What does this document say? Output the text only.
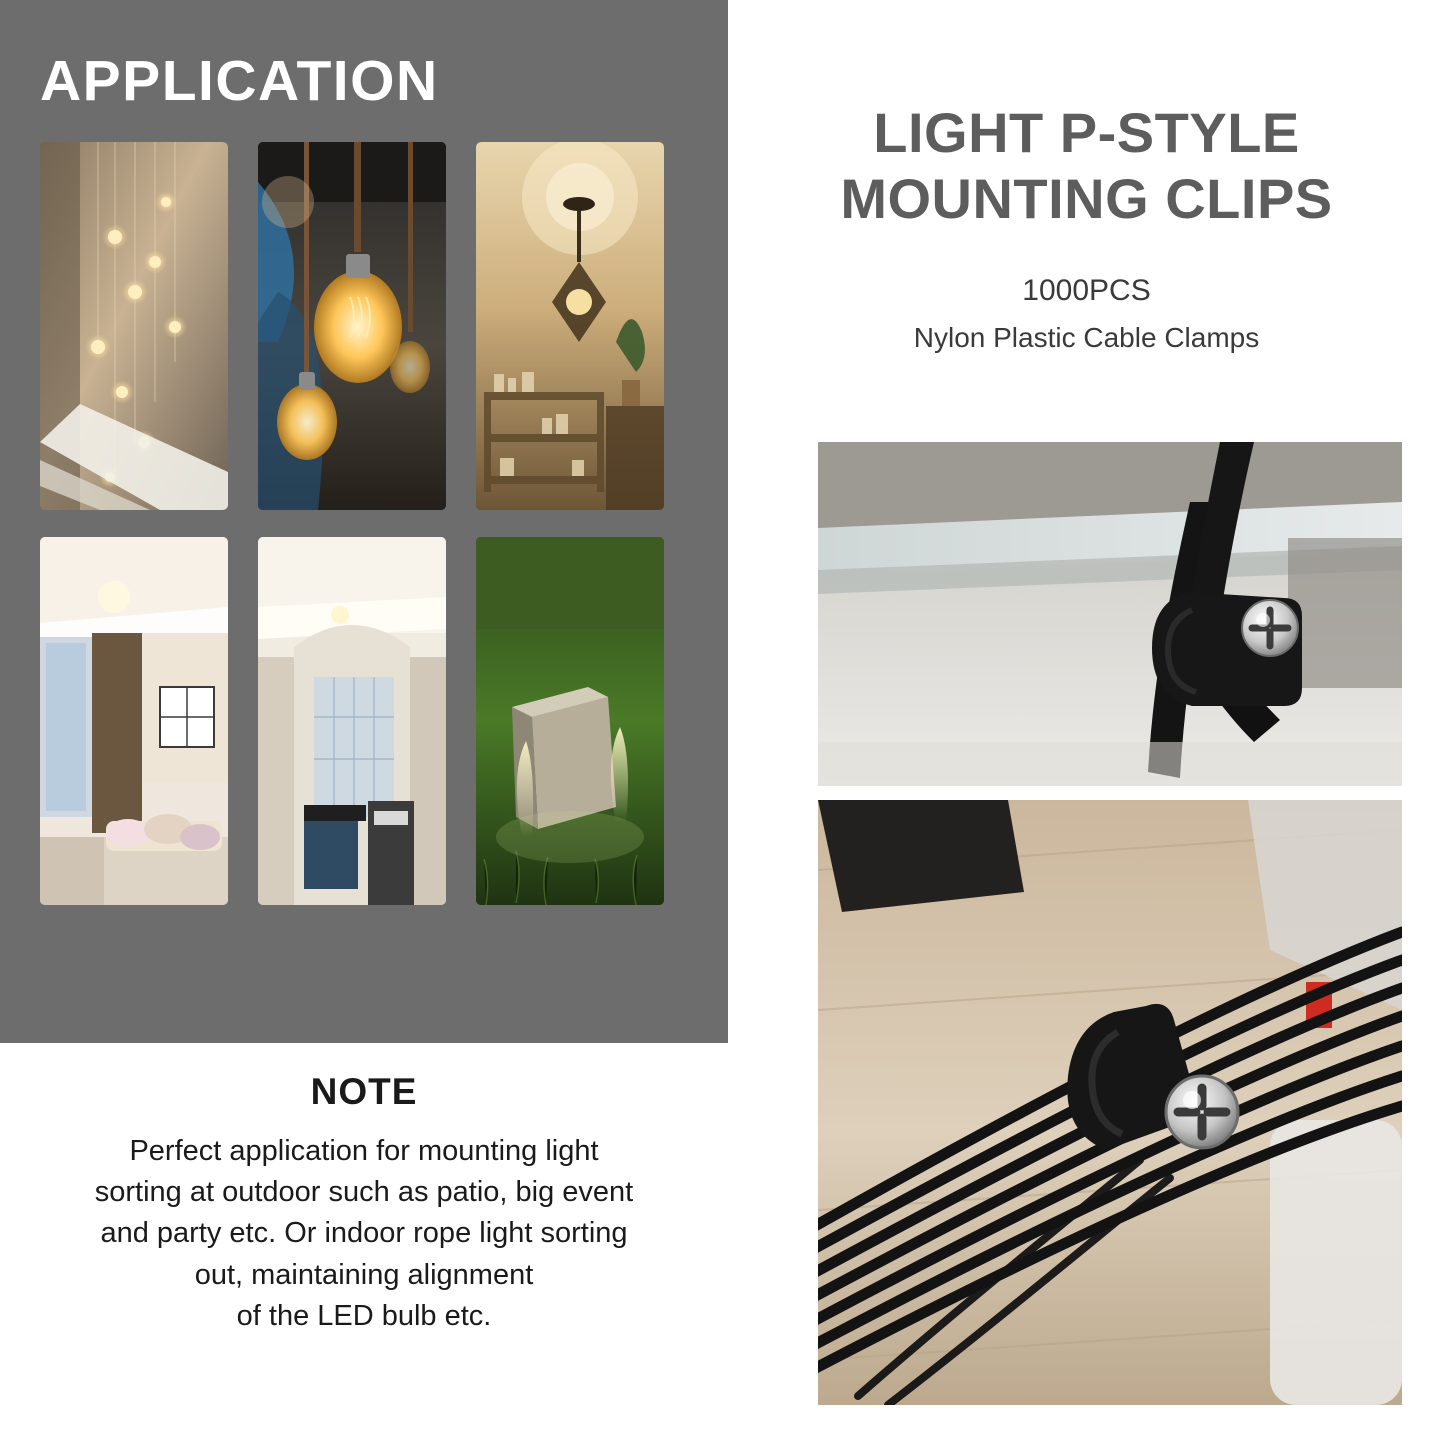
APPLICATION
NOTE
Perfect application for mounting light
sorting at outdoor such as patio, big event
and party etc. Or indoor rope light sorting
out, maintaining alignment
of the LED bulb etc.
LIGHT P-STYLE
MOUNTING CLIPS
1000PCS
Nylon Plastic Cable Clamps
